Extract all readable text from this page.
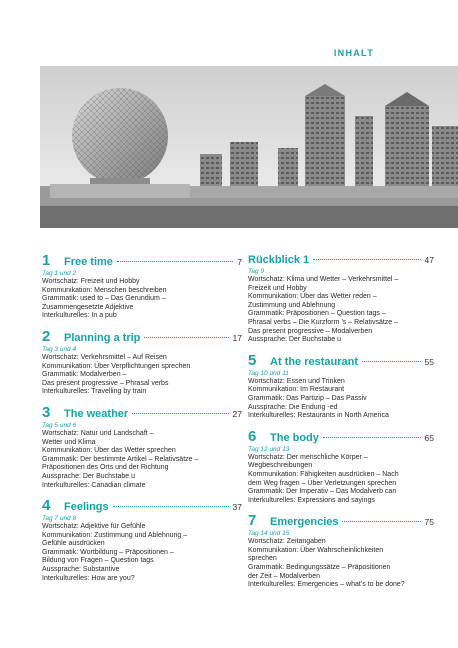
INHALT
1	Free time	7
Tag 1 und 2
Wortschatz: Freizeit und Hobby
Kommunikation: Menschen beschreiben
Grammatik: used to – Das Gerundium –
Zusammengesetzte Adjektive
Interkulturelles: In a pub
2	Planning a trip	17
Tag 3 und 4
Wortschatz: Verkehrsmittel – Auf Reisen
Kommunikation: Über Verpflichtungen sprechen
Grammatik: Modalverben –
Das present progressive – Phrasal verbs
Interkulturelles: Travelling by train
3	The weather	27
Tag 5 und 6
Wortschatz: Natur und Landschaft –
Wetter und Klima
Kommunikation: Über das Wetter sprechen
Grammatik: Der bestimmte Artikel – Relativsätze –
Präpositionen des Orts und der Richtung
Aussprache: Der Buchstabe u
Interkulturelles: Canadian climate
4	Feelings	37
Tag 7 und 8
Wortschatz: Adjektive für Gefühle
Kommunikation: Zustimmung und Ablehnung –
Gefühle ausdrücken
Grammatik: Wortbildung – Präpositionen –
Bildung von Fragen – Question tags
Aussprache: Substantive
Interkulturelles: How are you?
Rückblick 1	47
Tag 9
Wortschatz: Klima und Wetter – Verkehrsmittel –
Freizeit und Hobby
Kommunikation: Über das Wetter reden –
Zustimmung und Ablehnung
Grammatik: Präpositionen – Question tags –
Phrasal verbs – Die Kurzform ’s – Relativsätze –
Das present progressive – Modalverben
Aussprache: Der Buchstabe u
5	At the restaurant	55
Tag 10 und 11
Wortschatz: Essen und Trinken
Kommunikation: Im Restaurant
Grammatik: Das Partizip – Das Passiv
Aussprache: Die Endung -ed
Interkulturelles: Restaurants in North America
6	The body	65
Tag 12 und 13
Wortschatz: Der menschliche Körper –
Wegbeschreibungen
Kommunikation: Fähigkeiten ausdrücken – Nach
dem Weg fragen – Über Verletzungen sprechen
Grammatik: Der Imperativ – Das Modalverb can
Interkulturelles: Expressions and sayings
7	Emergencies	75
Tag 14 und 15
Wortschatz: Zeitangaben
Kommunikation: Über Wahrscheinlichkeiten
sprechen
Grammatik: Bedingungssätze – Präpositionen
der Zeit – Modalverben
Interkulturelles: Emergencies – what’s to be done?
